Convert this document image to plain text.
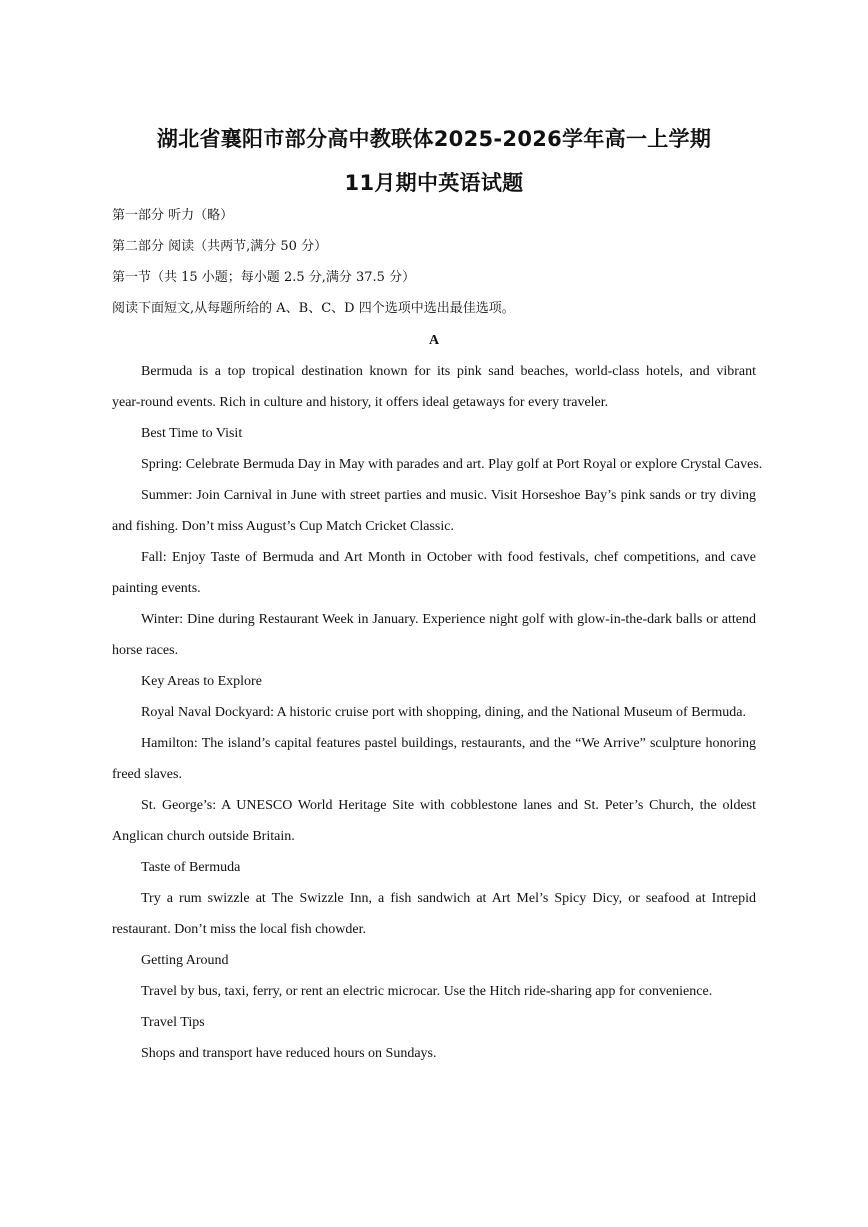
湖北省襄阳市部分高中教联体2025-2026学年高一上学期
11月期中英语试题
第一部分 听力（略）
第二部分 阅读（共两节,满分 50 分）
第一节（共 15 小题；每小题 2.5 分,满分 37.5 分）
阅读下面短文,从每题所给的 A、B、C、D 四个选项中选出最佳选项。
A
Bermuda is a top tropical destination known for its pink sand beaches, world-class hotels, and vibrant
year-round events. Rich in culture and history, it offers ideal getaways for every traveler.
Best Time to Visit
Spring: Celebrate Bermuda Day in May with parades and art. Play golf at Port Royal or explore Crystal Caves.
Summer: Join Carnival in June with street parties and music. Visit Horseshoe Bay’s pink sands or try diving
and fishing. Don’t miss August’s Cup Match Cricket Classic.
Fall: Enjoy Taste of Bermuda and Art Month in October with food festivals, chef competitions, and cave
painting events.
Winter: Dine during Restaurant Week in January. Experience night golf with glow-in-the-dark balls or attend
horse races.
Key Areas to Explore
Royal Naval Dockyard: A historic cruise port with shopping, dining, and the National Museum of Bermuda.
Hamilton: The island’s capital features pastel buildings, restaurants, and the “We Arrive” sculpture honoring
freed slaves.
St. George’s: A UNESCO World Heritage Site with cobblestone lanes and St. Peter’s Church, the oldest
Anglican church outside Britain.
Taste of Bermuda
Try a rum swizzle at The Swizzle Inn, a fish sandwich at Art Mel’s Spicy Dicy, or seafood at Intrepid
restaurant. Don’t miss the local fish chowder.
Getting Around
Travel by bus, taxi, ferry, or rent an electric microcar. Use the Hitch ride-sharing app for convenience.
Travel Tips
Shops and transport have reduced hours on Sundays.
